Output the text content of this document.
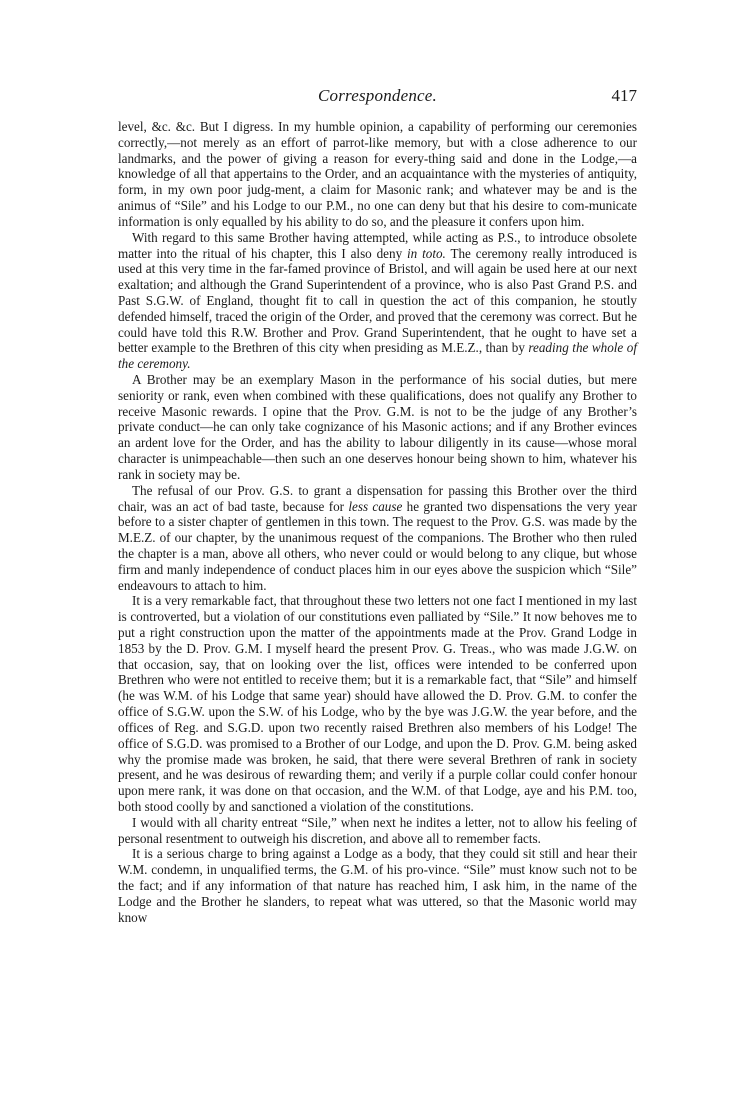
Correspondence.	417

level, &c. &c. But I digress. In my humble opinion, a capability of performing our ceremonies correctly,—not merely as an effort of parrot-like memory, but with a close adherence to our landmarks, and the power of giving a reason for every-thing said and done in the Lodge,—a knowledge of all that appertains to the Order, and an acquaintance with the mysteries of antiquity, form, in my own poor judg-ment, a claim for Masonic rank; and whatever may be and is the animus of “Sile” and his Lodge to our P.M., no one can deny but that his desire to com-municate information is only equalled by his ability to do so, and the pleasure it confers upon him.

With regard to this same Brother having attempted, while acting as P.S., to introduce obsolete matter into the ritual of his chapter, this I also deny in toto. The ceremony really introduced is used at this very time in the far-famed province of Bristol, and will again be used here at our next exaltation; and although the Grand Superintendent of a province, who is also Past Grand P.S. and Past S.G.W. of England, thought fit to call in question the act of this companion, he stoutly defended himself, traced the origin of the Order, and proved that the ceremony was correct. But he could have told this R.W. Brother and Prov. Grand Superintendent, that he ought to have set a better example to the Brethren of this city when presiding as M.E.Z., than by reading the whole of the ceremony.

A Brother may be an exemplary Mason in the performance of his social duties, but mere seniority or rank, even when combined with these qualifications, does not qualify any Brother to receive Masonic rewards. I opine that the Prov. G.M. is not to be the judge of any Brother’s private conduct—he can only take cognizance of his Masonic actions; and if any Brother evinces an ardent love for the Order, and has the ability to labour diligently in its cause—whose moral character is unimpeachable—then such an one deserves honour being shown to him, whatever his rank in society may be.

The refusal of our Prov. G.S. to grant a dispensation for passing this Brother over the third chair, was an act of bad taste, because for less cause he granted two dispensations the very year before to a sister chapter of gentlemen in this town. The request to the Prov. G.S. was made by the M.E.Z. of our chapter, by the unanimous request of the companions. The Brother who then ruled the chapter is a man, above all others, who never could or would belong to any clique, but whose firm and manly independence of conduct places him in our eyes above the suspicion which “Sile” endeavours to attach to him.

It is a very remarkable fact, that throughout these two letters not one fact I mentioned in my last is controverted, but a violation of our constitutions even palliated by “Sile.” It now behoves me to put a right construction upon the matter of the appointments made at the Prov. Grand Lodge in 1853 by the D. Prov. G.M. I myself heard the present Prov. G. Treas., who was made J.G.W. on that occasion, say, that on looking over the list, offices were intended to be conferred upon Brethren who were not entitled to receive them; but it is a remarkable fact, that “Sile” and himself (he was W.M. of his Lodge that same year) should have allowed the D. Prov. G.M. to confer the office of S.G.W. upon the S.W. of his Lodge, who by the bye was J.G.W. the year before, and the offices of Reg. and S.G.D. upon two recently raised Brethren also members of his Lodge! The office of S.G.D. was promised to a Brother of our Lodge, and upon the D. Prov. G.M. being asked why the promise made was broken, he said, that there were several Brethren of rank in society present, and he was desirous of rewarding them; and verily if a purple collar could confer honour upon mere rank, it was done on that occasion, and the W.M. of that Lodge, aye and his P.M. too, both stood coolly by and sanctioned a violation of the constitutions.

I would with all charity entreat “Sile,” when next he indites a letter, not to allow his feeling of personal resentment to outweigh his discretion, and above all to remember facts.

It is a serious charge to bring against a Lodge as a body, that they could sit still and hear their W.M. condemn, in unqualified terms, the G.M. of his pro-vince. “Sile” must know such not to be the fact; and if any information of that nature has reached him, I ask him, in the name of the Lodge and the Brother he slanders, to repeat what was uttered, so that the Masonic world may know
